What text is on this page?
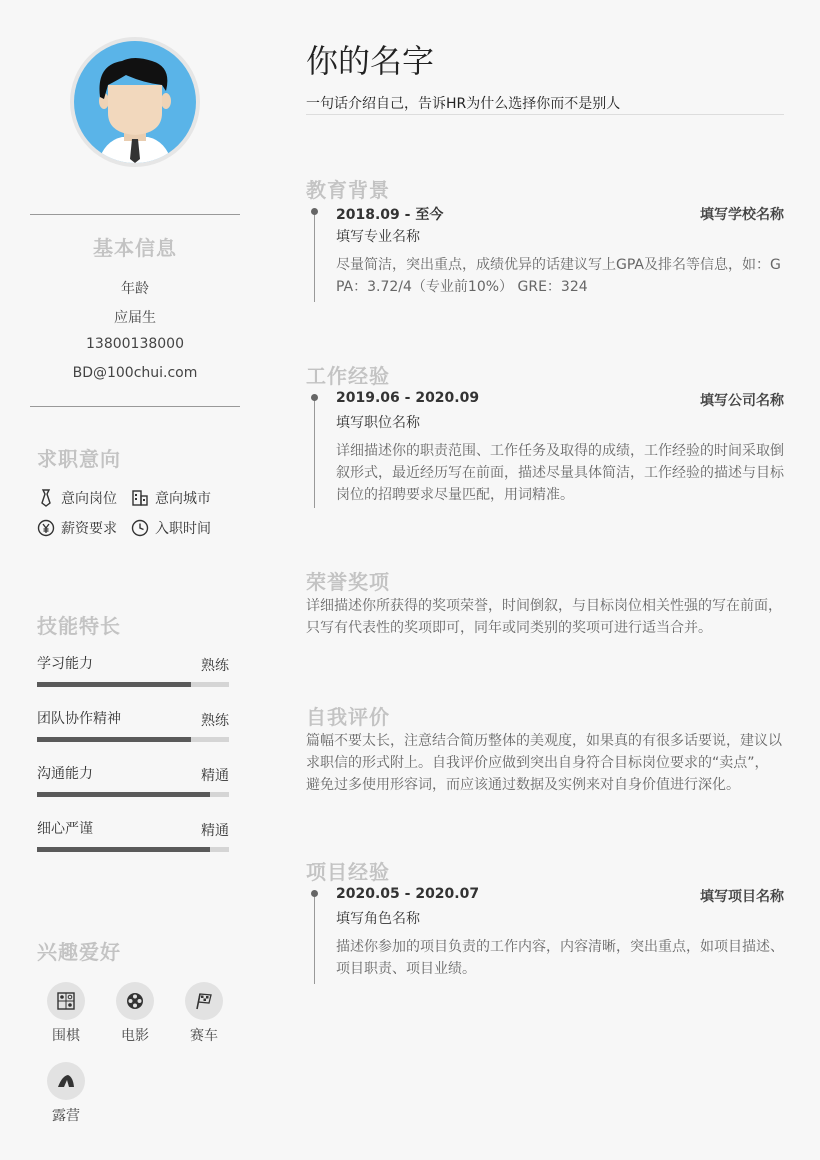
基本信息
年龄
应届生
13800138000
BD@100chui.com
求职意向
意向岗位	意向城市
薪资要求	入职时间
技能特长
学习能力	熟练
团队协作精神	熟练
沟通能力	精通
细心严谨	精通
兴趣爱好
围棋	电影	赛车
露营
你的名字
一句话介绍自己，告诉HR为什么选择你而不是别人
教育背景
2018.09 - 至今	填写学校名称
填写专业名称
尽量简洁，突出重点，成绩优异的话建议写上GPA及排名等信息，如：G
PA：3.72/4（专业前10%） GRE：324
工作经验
2019.06 - 2020.09	填写公司名称
填写职位名称
详细描述你的职责范围、工作任务及取得的成绩，工作经验的时间采取倒
叙形式，最近经历写在前面，描述尽量具体简洁，工作经验的描述与目标
岗位的招聘要求尽量匹配，用词精准。
荣誉奖项
详细描述你所获得的奖项荣誉，时间倒叙，与目标岗位相关性强的写在前面，
只写有代表性的奖项即可，同年或同类别的奖项可进行适当合并。
自我评价
篇幅不要太长，注意结合简历整体的美观度，如果真的有很多话要说，建议以
求职信的形式附上。自我评价应做到突出自身符合目标岗位要求的“卖点”，
避免过多使用形容词，而应该通过数据及实例来对自身价值进行深化。
项目经验
2020.05 - 2020.07	填写项目名称
填写角色名称
描述你参加的项目负责的工作内容，内容清晰，突出重点，如项目描述、
项目职责、项目业绩。
